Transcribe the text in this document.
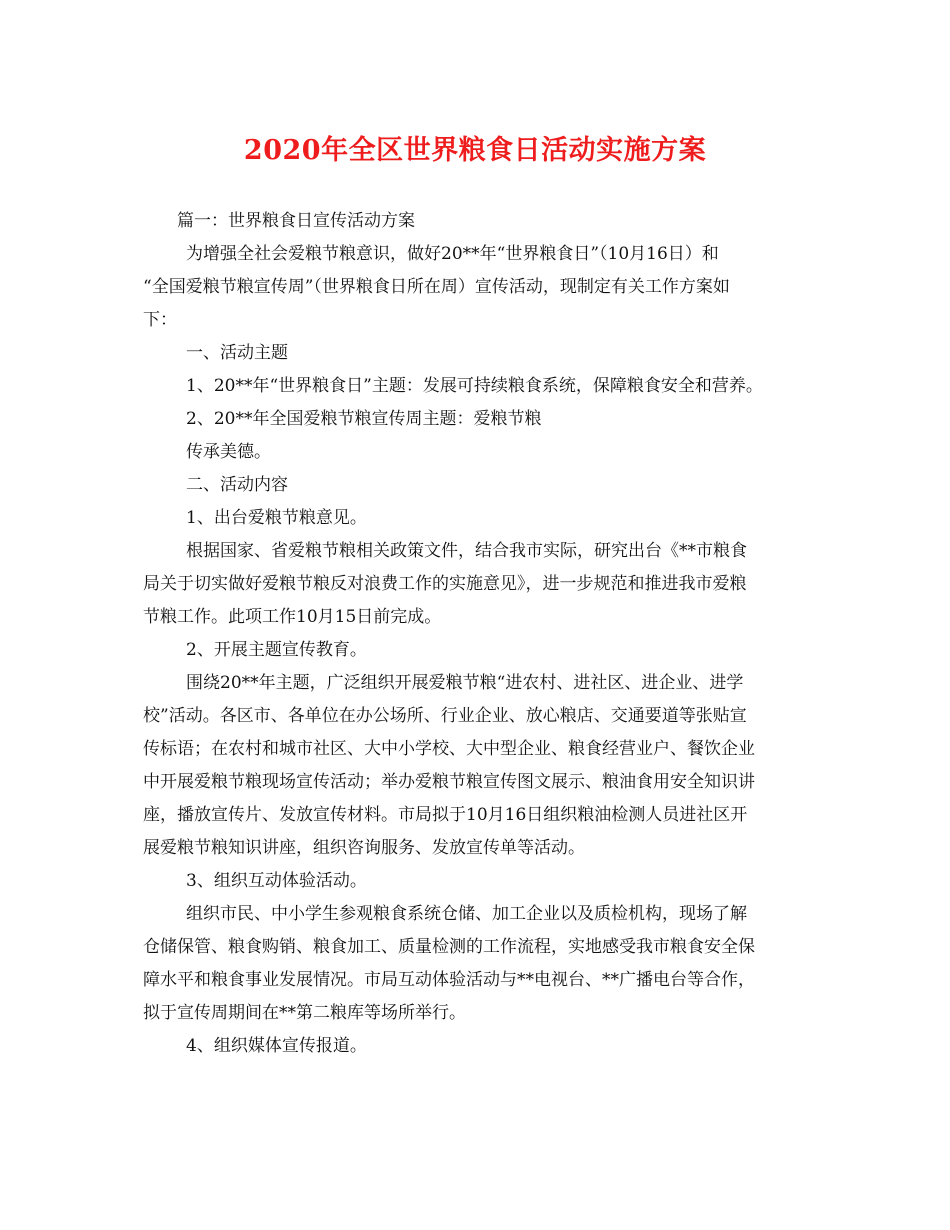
2020年全区世界粮食日活动实施方案
篇一：世界粮食日宣传活动方案
为增强全社会爱粮节粮意识，做好20**年“世界粮食日”（10月16日）和
“全国爱粮节粮宣传周”（世界粮食日所在周）宣传活动，现制定有关工作方案如
下：
一、活动主题
1、20**年“世界粮食日”主题：发展可持续粮食系统，保障粮食安全和营养。
2、20**年全国爱粮节粮宣传周主题：爱粮节粮
传承美德。
二、活动内容
1、出台爱粮节粮意见。
根据国家、省爱粮节粮相关政策文件，结合我市实际，研究出台《**市粮食
局关于切实做好爱粮节粮反对浪费工作的实施意见》，进一步规范和推进我市爱粮
节粮工作。此项工作10月15日前完成。
2、开展主题宣传教育。
围绕20**年主题，广泛组织开展爱粮节粮“进农村、进社区、进企业、进学
校”活动。各区市、各单位在办公场所、行业企业、放心粮店、交通要道等张贴宣
传标语；在农村和城市社区、大中小学校、大中型企业、粮食经营业户、餐饮企业
中开展爱粮节粮现场宣传活动；举办爱粮节粮宣传图文展示、粮油食用安全知识讲
座，播放宣传片、发放宣传材料。市局拟于10月16日组织粮油检测人员进社区开
展爱粮节粮知识讲座，组织咨询服务、发放宣传单等活动。
3、组织互动体验活动。
组织市民、中小学生参观粮食系统仓储、加工企业以及质检机构，现场了解
仓储保管、粮食购销、粮食加工、质量检测的工作流程，实地感受我市粮食安全保
障水平和粮食事业发展情况。市局互动体验活动与**电视台、**广播电台等合作，
拟于宣传周期间在**第二粮库等场所举行。
4、组织媒体宣传报道。
